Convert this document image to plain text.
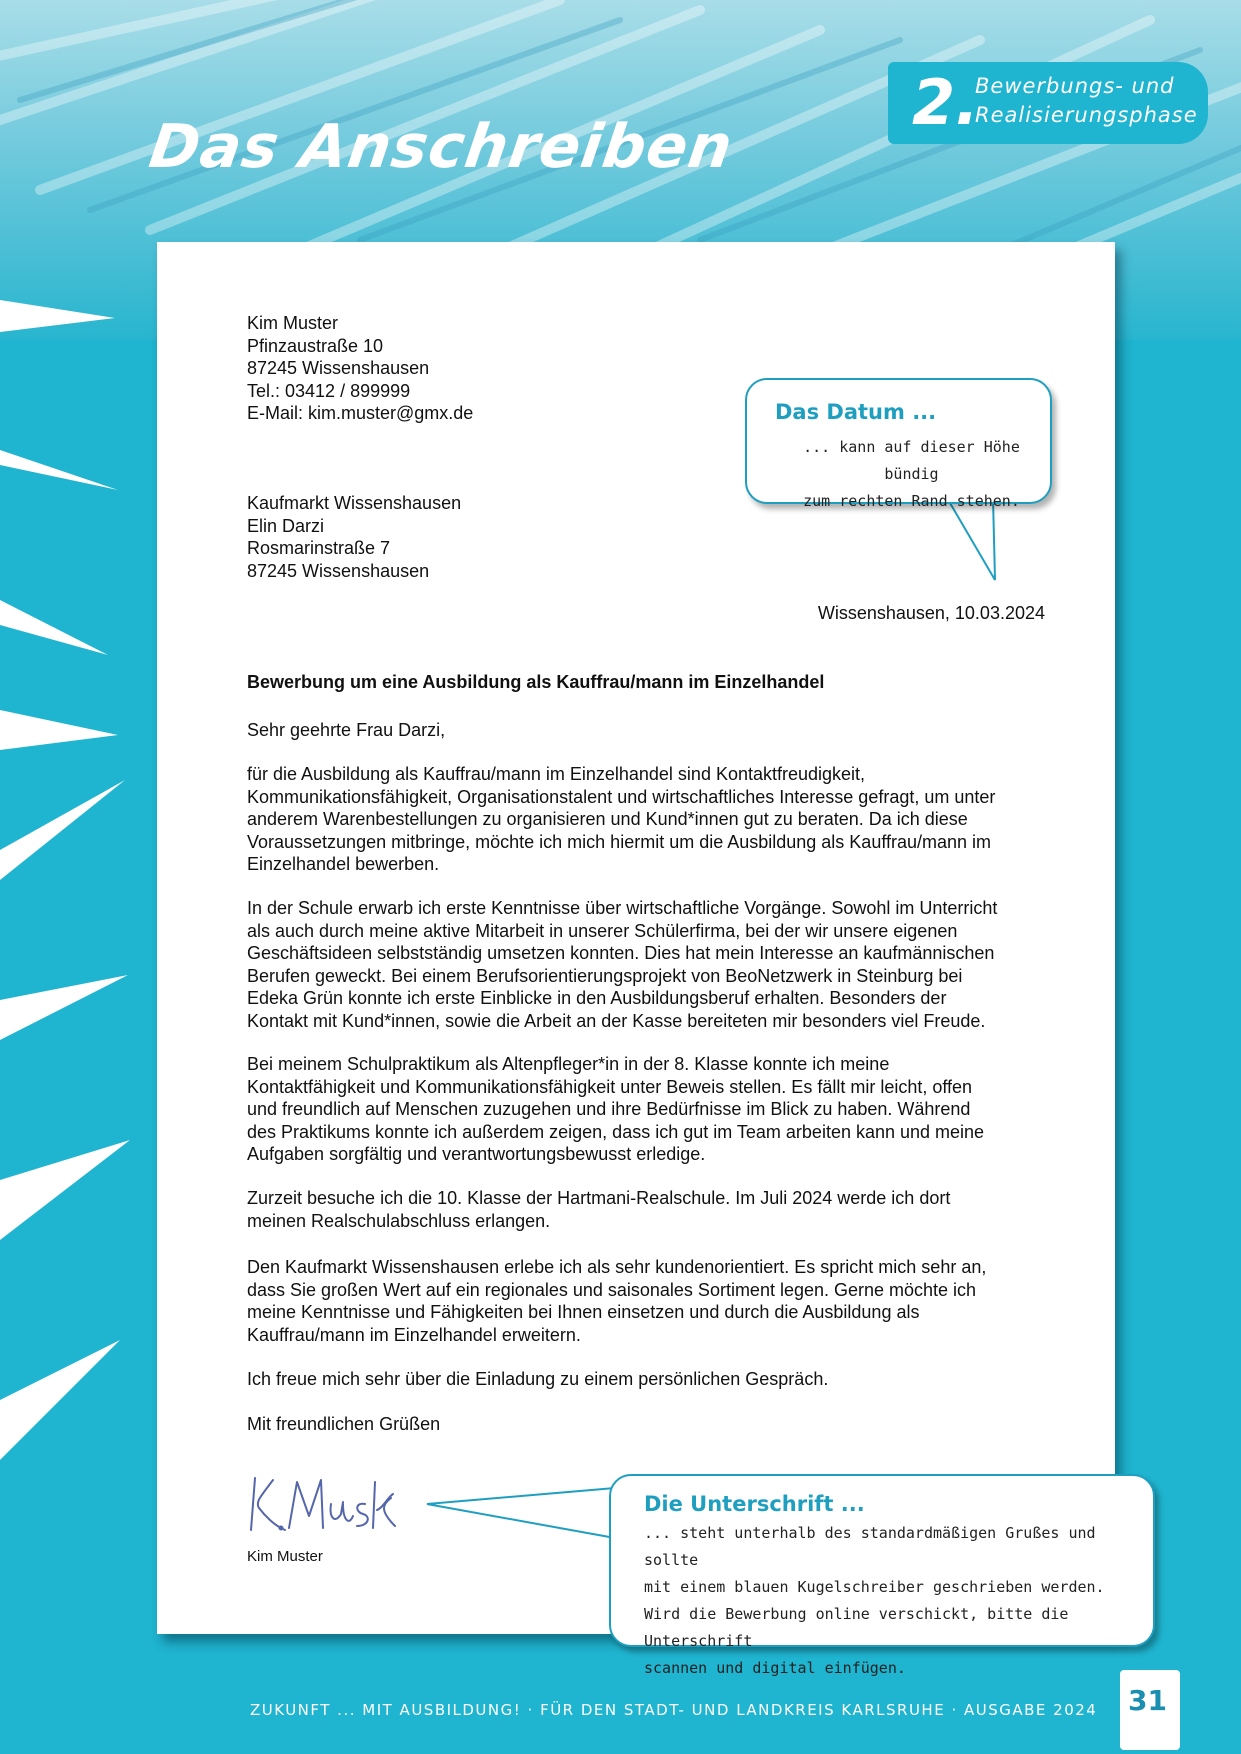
Das Anschreiben
2.
Bewerbungs- und
Realisierungsphase
Kim Muster
Pfinzaustraße 10
87245 Wissenshausen
Tel.: 03412 / 899999
E-Mail: kim.muster@gmx.de
Kaufmarkt Wissenshausen
Elin Darzi
Rosmarinstraße 7
87245 Wissenshausen
Wissenshausen, 10.03.2024
Bewerbung um eine Ausbildung als Kauffrau/mann im Einzelhandel
Sehr geehrte Frau Darzi,
für die Ausbildung als Kauffrau/mann im Einzelhandel sind Kontaktfreudigkeit,
Kommunikationsfähigkeit, Organisationstalent und wirtschaftliches Interesse gefragt, um unter
anderem Warenbestellungen zu organisieren und Kund*innen gut zu beraten. Da ich diese
Voraussetzungen mitbringe, möchte ich mich hiermit um die Ausbildung als Kauffrau/mann im
Einzelhandel bewerben.
In der Schule erwarb ich erste Kenntnisse über wirtschaftliche Vorgänge. Sowohl im Unterricht
als auch durch meine aktive Mitarbeit in unserer Schülerfirma, bei der wir unsere eigenen
Geschäftsideen selbstständig umsetzen konnten. Dies hat mein Interesse an kaufmännischen
Berufen geweckt. Bei einem Berufsorientierungsprojekt von BeoNetzwerk in Steinburg bei
Edeka Grün konnte ich erste Einblicke in den Ausbildungsberuf erhalten. Besonders der
Kontakt mit Kund*innen, sowie die Arbeit an der Kasse bereiteten mir besonders viel Freude.
Bei meinem Schulpraktikum als Altenpfleger*in in der 8. Klasse konnte ich meine
Kontaktfähigkeit und Kommunikationsfähigkeit unter Beweis stellen. Es fällt mir leicht, offen
und freundlich auf Menschen zuzugehen und ihre Bedürfnisse im Blick zu haben. Während
des Praktikums konnte ich außerdem zeigen, dass ich gut im Team arbeiten kann und meine
Aufgaben sorgfältig und verantwortungsbewusst erledige.
Zurzeit besuche ich die 10. Klasse der Hartmani-Realschule. Im Juli 2024 werde ich dort
meinen Realschulabschluss erlangen.
Den Kaufmarkt Wissenshausen erlebe ich als sehr kundenorientiert. Es spricht mich sehr an,
dass Sie großen Wert auf ein regionales und saisonales Sortiment legen. Gerne möchte ich
meine Kenntnisse und Fähigkeiten bei Ihnen einsetzen und durch die Ausbildung als
Kauffrau/mann im Einzelhandel erweitern.
Ich freue mich sehr über die Einladung zu einem persönlichen Gespräch.
Mit freundlichen Grüßen
Kim Muster
Das Datum ...
... kann auf dieser Höhe bündig
zum rechten Rand stehen.
Die Unterschrift ...
... steht unterhalb des standardmäßigen Grußes und sollte
mit einem blauen Kugelschreiber geschrieben werden.
Wird die Bewerbung online verschickt, bitte die Unterschrift
scannen und digital einfügen.
ZUKUNFT ... MIT AUSBILDUNG! · FÜR DEN STADT- UND LANDKREIS KARLSRUHE · AUSGABE 2024 31
